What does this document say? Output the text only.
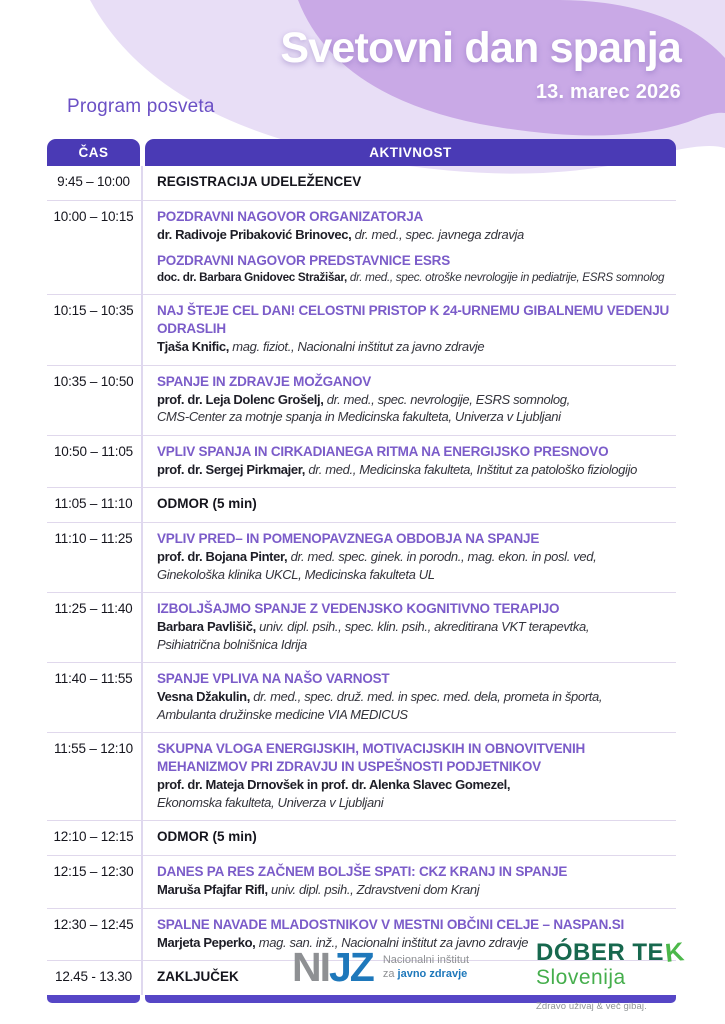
Svetovni dan spanja
13. marec 2026
Program posveta
ČAS	AKTIVNOST
9:45 – 10:00	REGISTRACIJA UDELEŽENCEV
10:00 – 10:15	POZDRAVNI NAGOVOR ORGANIZATORJA
dr. Radivoje Pribaković Brinovec, dr. med., spec. javnega zdravja
POZDRAVNI NAGOVOR PREDSTAVNICE ESRS
doc. dr. Barbara Gnidovec Stražišar, dr. med., spec. otroške nevrologije in pediatrije, ESRS somnolog
10:15 – 10:35	NAJ ŠTEJE CEL DAN! CELOSTNI PRISTOP K 24-URNEMU GIBALNEMU VEDENJU ODRASLIH
Tjaša Knific, mag. fiziot., Nacionalni inštitut za javno zdravje
10:35 – 10:50	SPANJE IN ZDRAVJE MOŽGANOV
prof. dr. Leja Dolenc Grošelj, dr. med., spec. nevrologije, ESRS somnolog,
CMS-Center za motnje spanja in Medicinska fakulteta, Univerza v Ljubljani
10:50 – 11:05	VPLIV SPANJA IN CIRKADIANEGA RITMA NA ENERGIJSKO PRESNOVO
prof. dr. Sergej Pirkmajer, dr. med., Medicinska fakulteta, Inštitut za patološko fiziologijo
11:05 – 11:10	ODMOR (5 min)
11:10 – 11:25	VPLIV PRED– IN POMENOPAVZNEGA OBDOBJA NA SPANJE
prof. dr. Bojana Pinter, dr. med. spec. ginek. in porodn., mag. ekon. in posl. ved,
Ginekološka klinika UKCL, Medicinska fakulteta UL
11:25 – 11:40	IZBOLJŠAJMO SPANJE Z VEDENJSKO KOGNITIVNO TERAPIJO
Barbara Pavlišič, univ. dipl. psih., spec. klin. psih., akreditirana VKT terapevtka,
Psihiatrična bolnišnica Idrija
11:40 – 11:55	SPANJE VPLIVA NA NAŠO VARNOST
Vesna Džakulin, dr. med., spec. druž. med. in spec. med. dela, prometa in športa,
Ambulanta družinske medicine VIA MEDICUS
11:55 – 12:10	SKUPNA VLOGA ENERGIJSKIH, MOTIVACIJSKIH IN OBNOVITVENIH MEHANIZMOV PRI ZDRAVJU IN USPEŠNOSTI PODJETNIKOV
prof. dr. Mateja Drnovšek in prof. dr. Alenka Slavec Gomezel,
Ekonomska fakulteta, Univerza v Ljubljani
12:10 – 12:15	ODMOR (5 min)
12:15 – 12:30	DANES PA RES ZAČNEM BOLJŠE SPATI: CKZ KRANJ IN SPANJE
Maruša Pfajfar Rifl, univ. dipl. psih., Zdravstveni dom Kranj
12:30 – 12:45	SPALNE NAVADE MLADOSTNIKOV V MESTNI OBČINI CELJE – NASPAN.SI
Marjeta Peperko, mag. san. inž., Nacionalni inštitut za javno zdravje
12.45 - 13.30	ZAKLJUČEK	NIJZ Nacionalni inštitut
za javno zdravje
DÓBER TEK
Slovenija
Zdravo uživaj & več gibaj.
